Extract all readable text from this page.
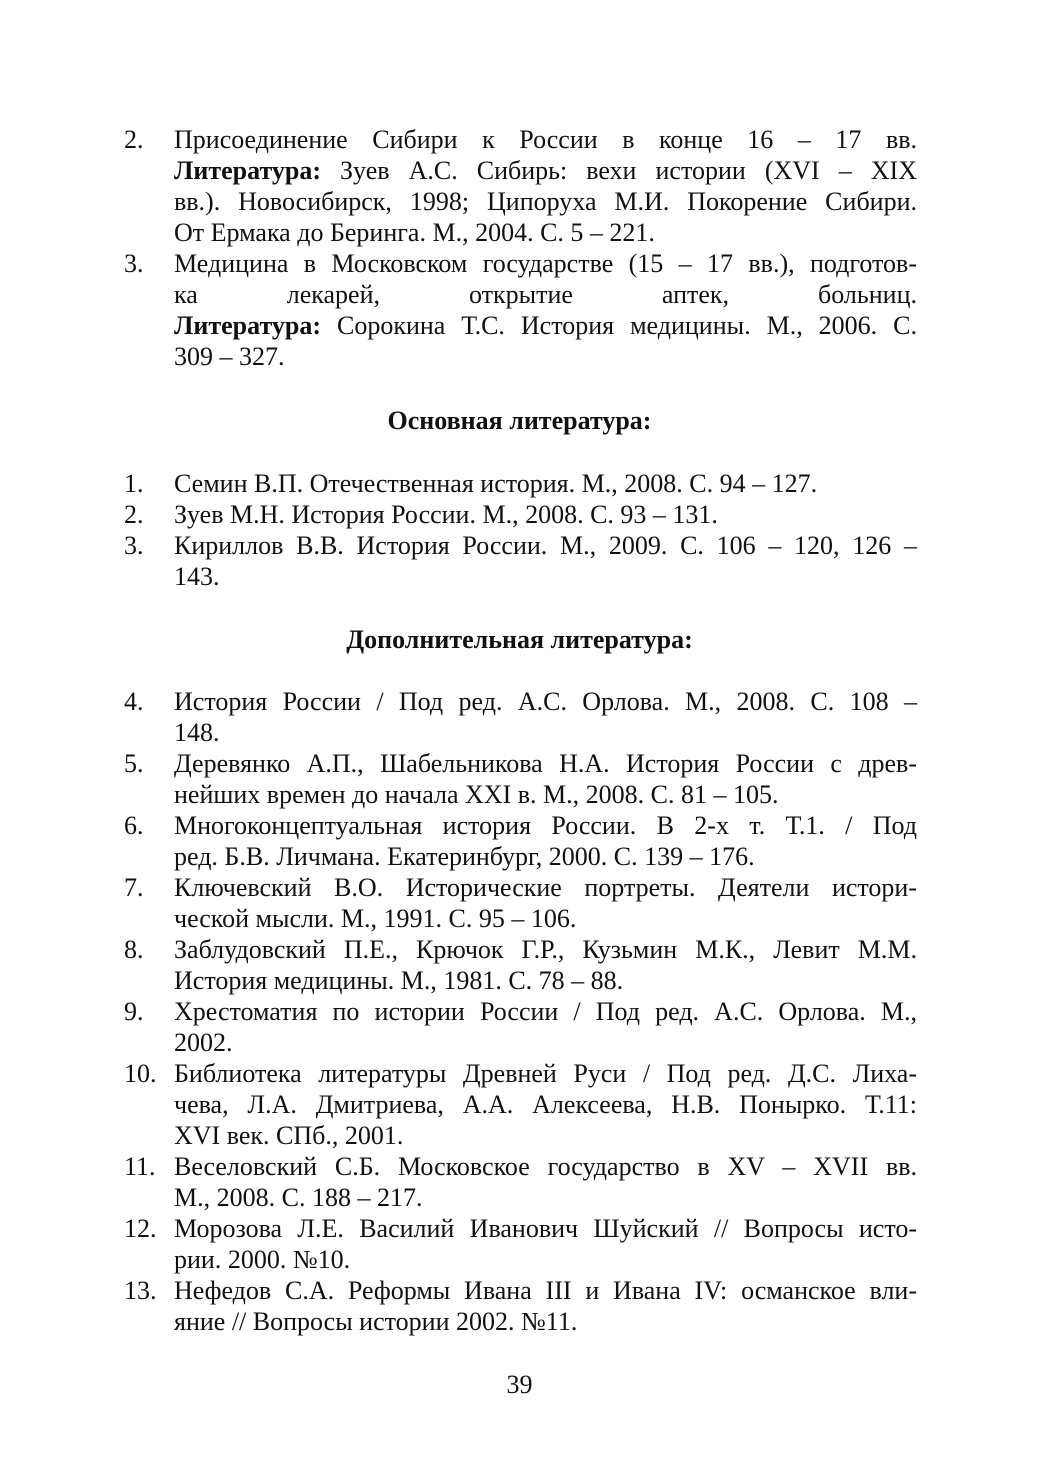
2.	Присоединение Сибири к России в конце 16 – 17 вв.
Литература: Зуев А.С. Сибирь: вехи истории (XVI – XIX
вв.). Новосибирск, 1998; Ципоруха М.И. Покорение Сибири.
От Ермака до Беринга. М., 2004. С. 5 – 221.
3.	Медицина в Московском государстве (15 – 17 вв.), подготов-
ка лекарей, открытие аптек, больниц.
Литература: Сорокина Т.С. История медицины. М., 2006. С.
309 – 327.
Основная литература:
1.	Семин В.П. Отечественная история. М., 2008. С. 94 – 127.
2.	Зуев М.Н. История России. М., 2008. С. 93 – 131.
3.	Кириллов В.В. История России. М., 2009. С. 106 – 120, 126 –
143.
Дополнительная литература:
4.	История России / Под ред. А.С. Орлова. М., 2008. С. 108 –
148.
5.	Деревянко А.П., Шабельникова Н.А. История России с древ-
нейших времен до начала XXI в. М., 2008. С. 81 – 105.
6.	Многоконцептуальная история России. В 2-х т. Т.1. / Под
ред. Б.В. Личмана. Екатеринбург, 2000. С. 139 – 176.
7.	Ключевский В.О. Исторические портреты. Деятели истори-
ческой мысли. М., 1991. С. 95 – 106.
8.	Заблудовский П.Е., Крючок Г.Р., Кузьмин М.К., Левит М.М.
История медицины. М., 1981. С. 78 – 88.
9.	Хрестоматия по истории России / Под ред. А.С. Орлова. М.,
2002.
10. Библиотека литературы Древней Руси / Под ред. Д.С. Лиха-
чева, Л.А. Дмитриева, А.А. Алексеева, Н.В. Понырко. Т.11:
XVI век. СПб., 2001.
11. Веселовский С.Б. Московское государство в XV – XVII вв.
М., 2008. С. 188 – 217.
12. Морозова Л.Е. Василий Иванович Шуйский // Вопросы исто-
рии. 2000. №10.
13. Нефедов С.А. Реформы Ивана III и Ивана IV: османское вли-
яние // Вопросы истории 2002. №11.
39
